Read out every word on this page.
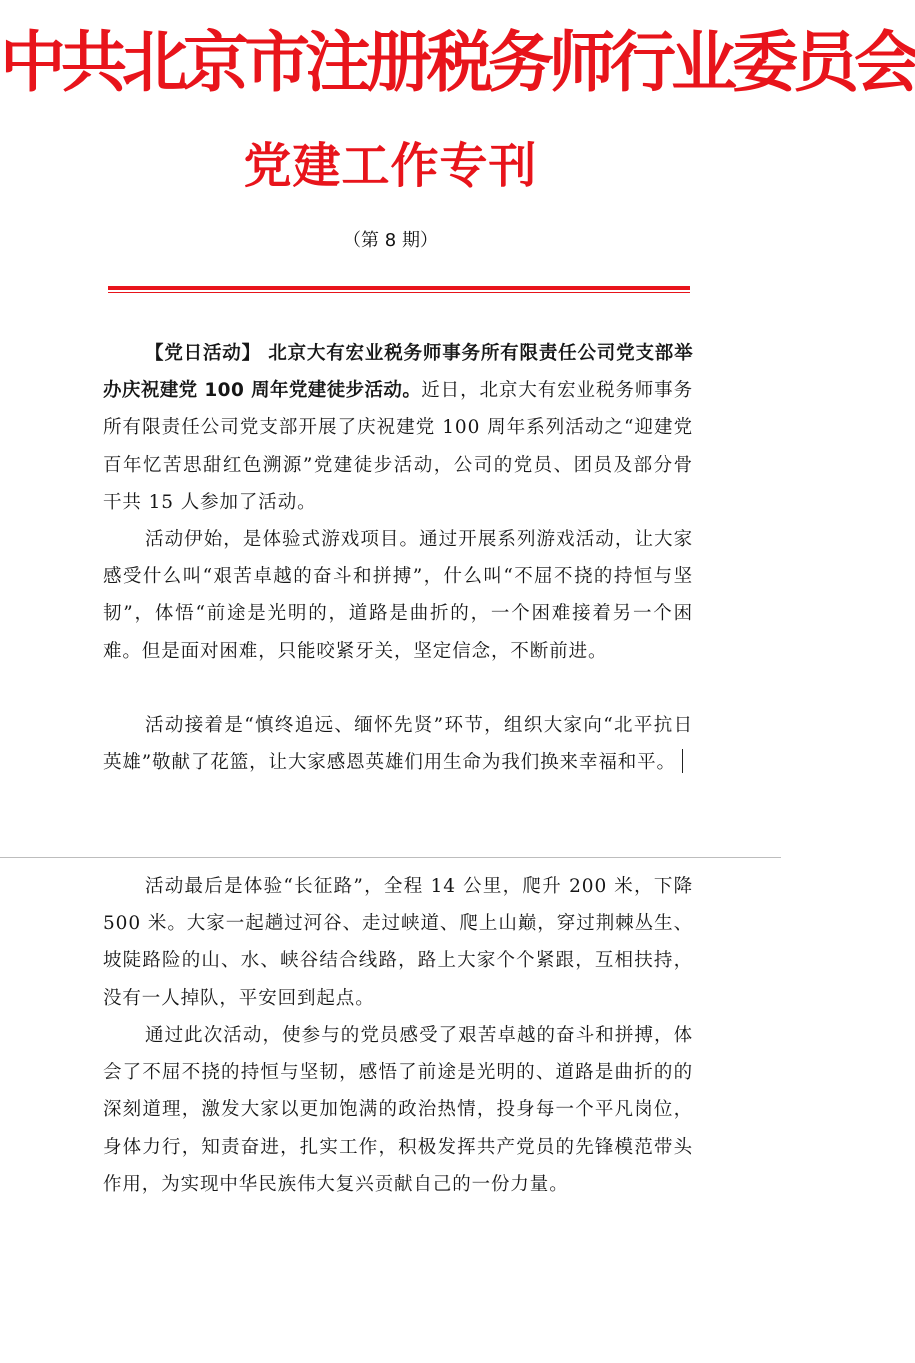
中共北京市注册税务师行业委员会
党建工作专刊
（第 8 期）

【党日活动】 北京大有宏业税务师事务所有限责任公司党支部举办庆祝建党 100 周年党建徒步活动。近日，北京大有宏业税务师事务所有限责任公司党支部开展了庆祝建党 100 周年系列活动之“迎建党百年忆苦思甜红色溯源”党建徒步活动，公司的党员、团员及部分骨干共 15 人参加了活动。

活动伊始，是体验式游戏项目。通过开展系列游戏活动，让大家感受什么叫“艰苦卓越的奋斗和拼搏”，什么叫“不屈不挠的持恒与坚韧”，体悟“前途是光明的，道路是曲折的，一个困难接着另一个困难。但是面对困难，只能咬紧牙关，坚定信念，不断前进。

活动接着是“慎终追远、缅怀先贤”环节，组织大家向“北平抗日英雄”敬献了花篮，让大家感恩英雄们用生命为我们换来幸福和平。

活动最后是体验“长征路”，全程 14 公里，爬升 200 米，下降 500 米。大家一起趟过河谷、走过峡道、爬上山巅，穿过荆棘丛生、坡陡路险的山、水、峡谷结合线路，路上大家个个紧跟，互相扶持，没有一人掉队，平安回到起点。

通过此次活动，使参与的党员感受了艰苦卓越的奋斗和拼搏，体会了不屈不挠的持恒与坚韧，感悟了前途是光明的、道路是曲折的的深刻道理，激发大家以更加饱满的政治热情，投身每一个平凡岗位，身体力行，知责奋进，扎实工作，积极发挥共产党员的先锋模范带头作用，为实现中华民族伟大复兴贡献自己的一份力量。
